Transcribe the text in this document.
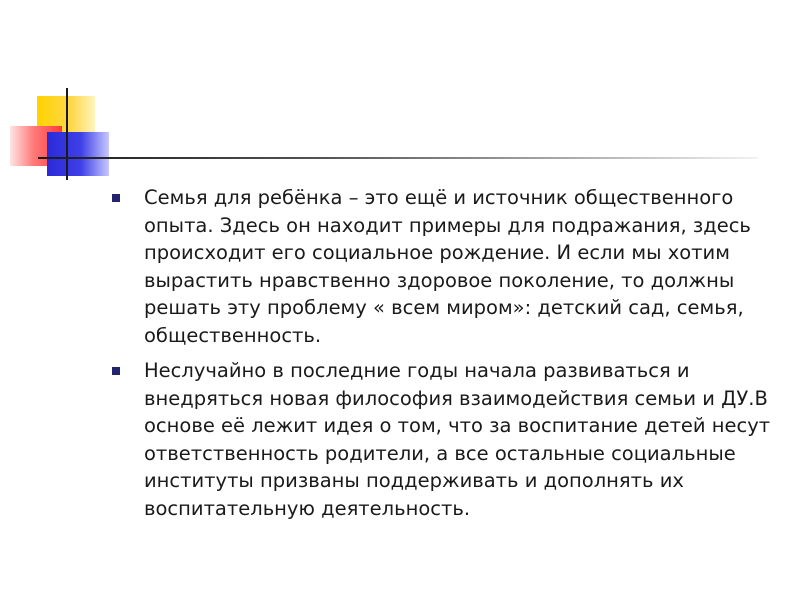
Семья для ребёнка – это ещё и источник общественного опыта. Здесь он находит примеры для подражания, здесь происходит его социальное рождение. И если мы хотим вырастить нравственно здоровое поколение, то должны решать эту проблему « всем миром»: детский сад, семья, общественность.
Неслучайно в последние годы начала развиваться и внедряться новая философия взаимодействия семьи и ДУ.В основе её лежит идея о том, что за воспитание детей несут ответственность родители, а все остальные социальные институты призваны поддерживать и дополнять их воспитательную деятельность.
